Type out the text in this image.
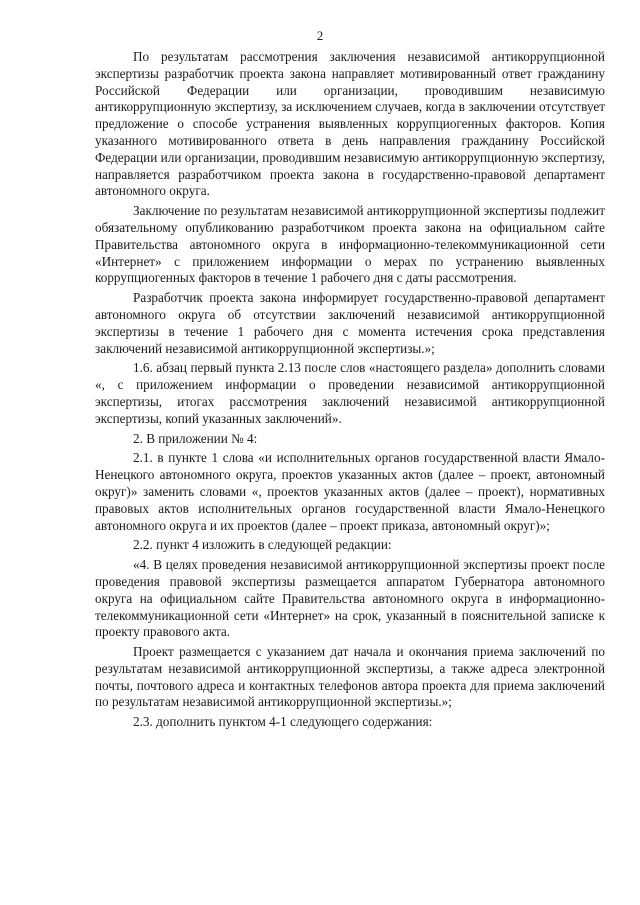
2

По результатам рассмотрения заключения независимой антикоррупционной экспертизы разработчик проекта закона направляет мотивированный ответ гражданину Российской Федерации или организации, проводившим независимую антикоррупционную экспертизу, за исключением случаев, когда в заключении отсутствует предложение о способе устранения выявленных коррупциогенных факторов. Копия указанного мотивированного ответа в день направления гражданину Российской Федерации или организации, проводившим независимую антикоррупционную экспертизу, направляется разработчиком проекта закона в государственно-правовой департамент автономного округа.

Заключение по результатам независимой антикоррупционной экспертизы подлежит обязательному опубликованию разработчиком проекта закона на официальном сайте Правительства автономного округа в информационно-телекоммуникационной сети «Интернет» с приложением информации о мерах по устранению выявленных коррупциогенных факторов в течение 1 рабочего дня с даты рассмотрения.

Разработчик проекта закона информирует государственно-правовой департамент автономного округа об отсутствии заключений независимой антикоррупционной экспертизы в течение 1 рабочего дня с момента истечения срока представления заключений независимой антикоррупционной экспертизы.»;

1.6. абзац первый пункта 2.13 после слов «настоящего раздела» дополнить словами «, с приложением информации о проведении независимой антикоррупционной экспертизы, итогах рассмотрения заключений независимой антикоррупционной экспертизы, копий указанных заключений».

2. В приложении № 4:

2.1. в пункте 1 слова «и исполнительных органов государственной власти Ямало-Ненецкого автономного округа, проектов указанных актов (далее – проект, автономный округ)» заменить словами «, проектов указанных актов (далее – проект), нормативных правовых актов исполнительных органов государственной власти Ямало-Ненецкого автономного округа и их проектов (далее – проект приказа, автономный округ)»;

2.2. пункт 4 изложить в следующей редакции:

«4. В целях проведения независимой антикоррупционной экспертизы проект после проведения правовой экспертизы размещается аппаратом Губернатора автономного округа на официальном сайте Правительства автономного округа в информационно-телекоммуникационной сети «Интернет» на срок, указанный в пояснительной записке к проекту правового акта.

Проект размещается с указанием дат начала и окончания приема заключений по результатам независимой антикоррупционной экспертизы, а также адреса электронной почты, почтового адреса и контактных телефонов автора проекта для приема заключений по результатам независимой антикоррупционной экспертизы.»;

2.3. дополнить пунктом 4-1 следующего содержания:
